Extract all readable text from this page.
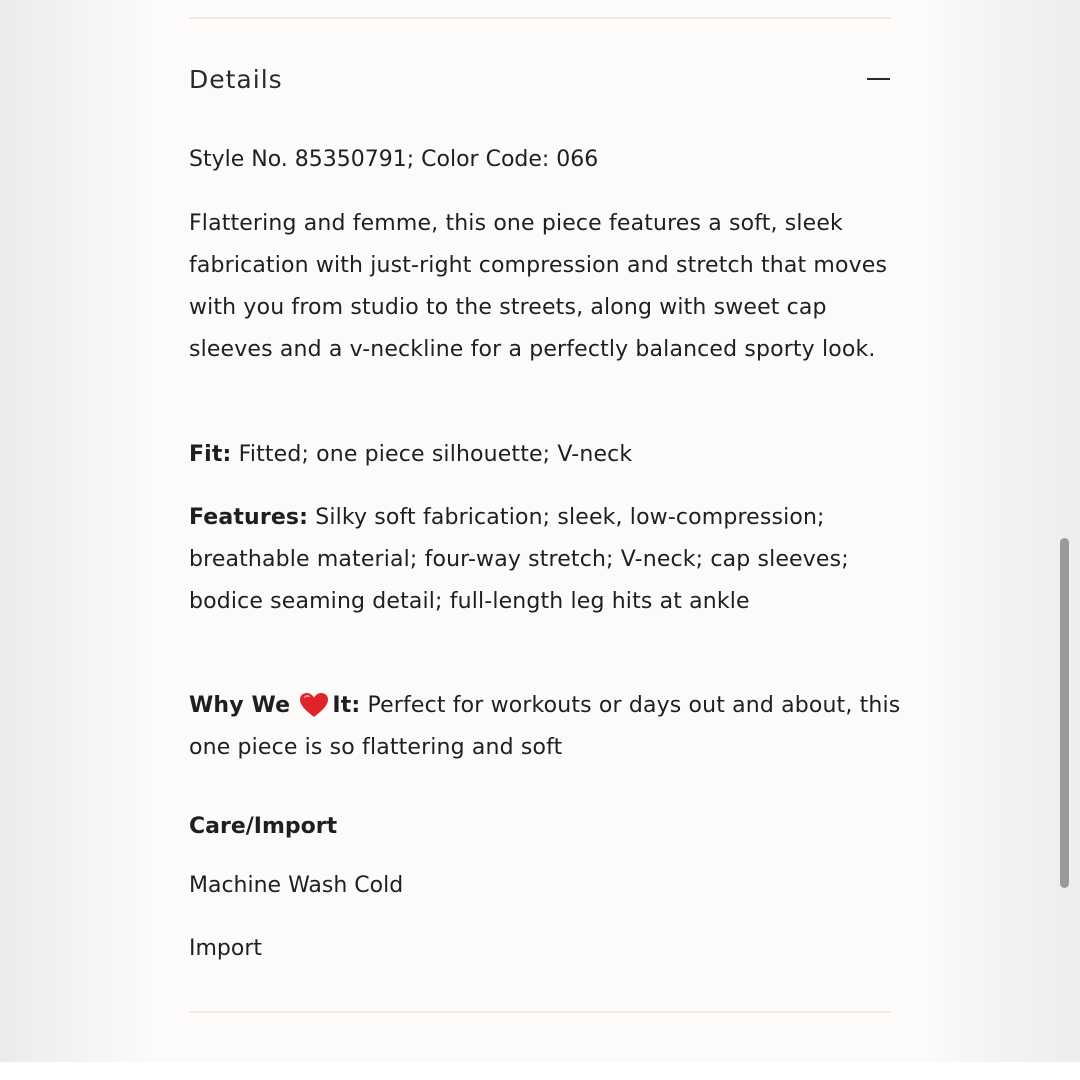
Details
Style No. 85350791; Color Code: 066
Flattering and femme, this one piece features a soft, sleek fabrication with just-right compression and stretch that moves with you from studio to the streets, along with sweet cap sleeves and a v-neckline for a perfectly balanced sporty look.
Fit: Fitted; one piece silhouette; V-neck
Features: Silky soft fabrication; sleek, low-compression; breathable material; four-way stretch; V-neck; cap sleeves; bodice seaming detail; full-length leg hits at ankle
Why We It: Perfect for workouts or days out and about, this one piece is so flattering and soft
Care/Import
Machine Wash Cold
Import
